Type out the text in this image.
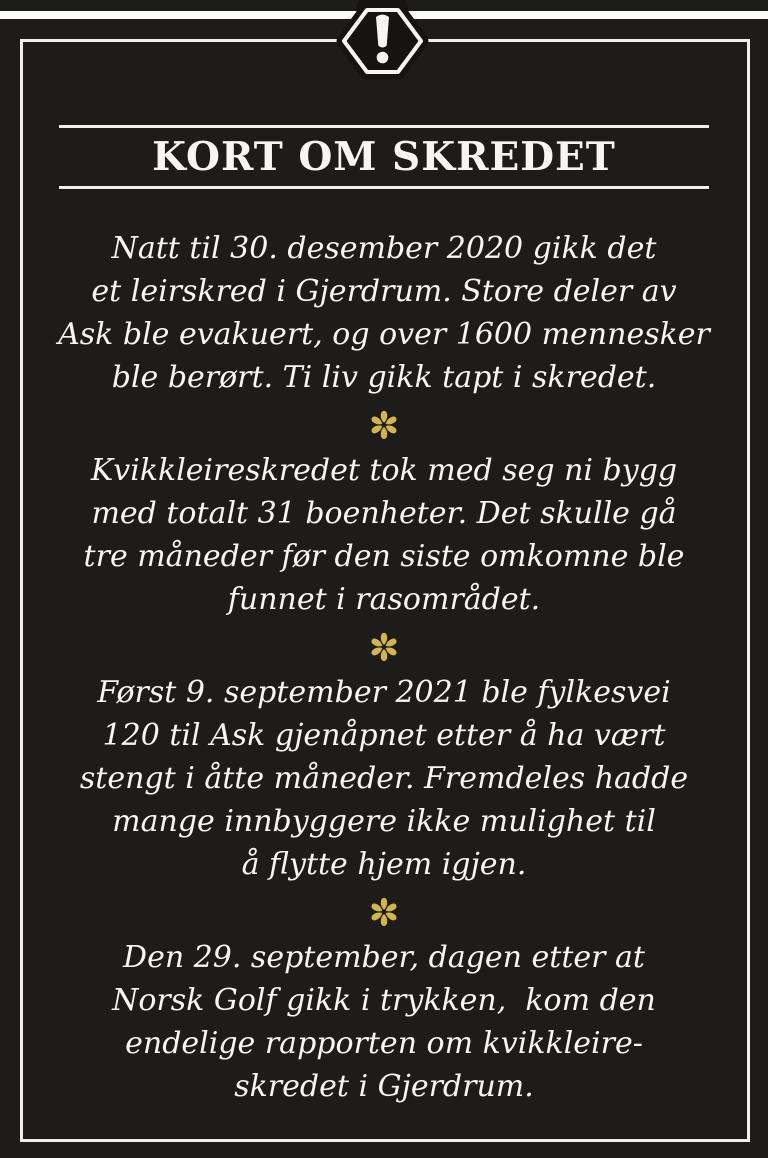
KORT OM SKREDET

Natt til 30. desember 2020 gikk det
et leirskred i Gjerdrum. Store deler av
Ask ble evakuert, og over 1600 mennesker
ble berørt. Ti liv gikk tapt i skredet.

Kvikkleireskredet tok med seg ni bygg
med totalt 31 boenheter. Det skulle gå
tre måneder før den siste omkomne ble
funnet i rasområdet.

Først 9. september 2021 ble fylkesvei
120 til Ask gjenåpnet etter å ha vært
stengt i åtte måneder. Fremdeles hadde
mange innbyggere ikke mulighet til
å flytte hjem igjen.

Den 29. september, dagen etter at
Norsk Golf gikk i trykken,  kom den
endelige rapporten om kvikkleire-
skredet i Gjerdrum.
